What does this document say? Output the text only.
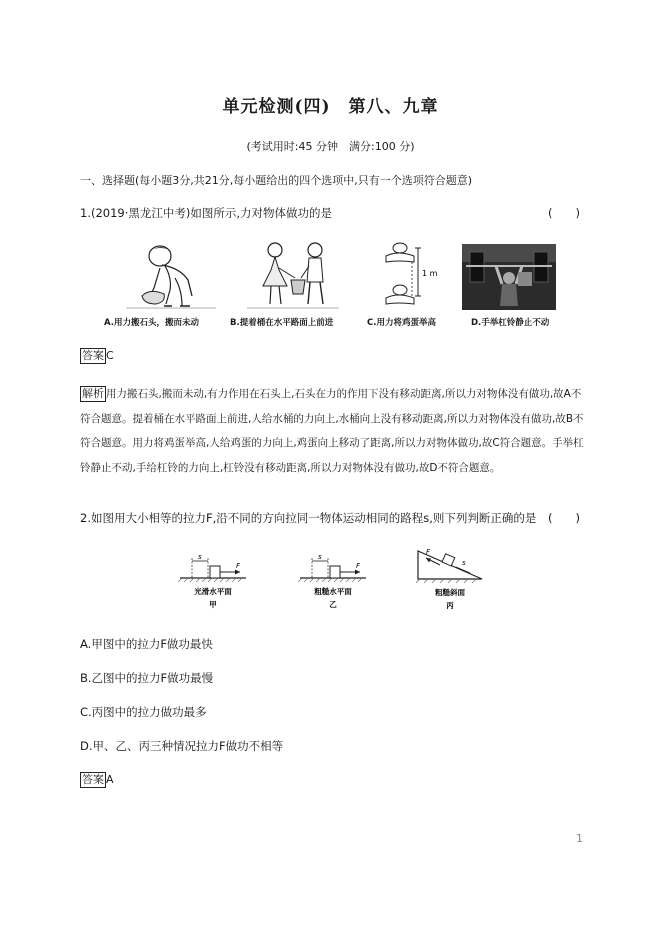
单元检测(四)　第八、九章
(考试用时:45 分钟　满分:100 分)
一、选择题(每小题3分,共21分,每小题给出的四个选项中,只有一个选项符合题意)
1.(2019·黑龙江中考)如图所示,力对物体做功的是	(　　)
A.用力搬石头，搬而未动	B.提着桶在水平路面上前进
1 m
C.用力将鸡蛋举高	D.手举杠铃静止不动
答案 C
解析 用力搬石头,搬而未动,有力作用在石头上,石头在力的作用下没有移动距离,所以力对物体没有做功,故A不符合题意。提着桶在水平路面上前进,人给水桶的力向上,水桶向上没有移动距离,所以力对物体没有做功,故B不符合题意。用力将鸡蛋举高,人给鸡蛋的力向上,鸡蛋向上移动了距离,所以力对物体做功,故C符合题意。手举杠铃静止不动,手给杠铃的力向上,杠铃没有移动距离,所以力对物体没有做功,故D不符合题意。
2.如图用大小相等的拉力F,沿不同的方向拉同一物体运动相同的路程s,则下列判断正确的是	(　　)
s
F
光滑水平面
甲
s
F
粗糙水平面
乙
F
s
粗糙斜面
丙
A.甲图中的拉力F做功最快
B.乙图中的拉力F做功最慢
C.丙图中的拉力做功最多
D.甲、乙、丙三种情况拉力F做功不相等
答案 A
1
